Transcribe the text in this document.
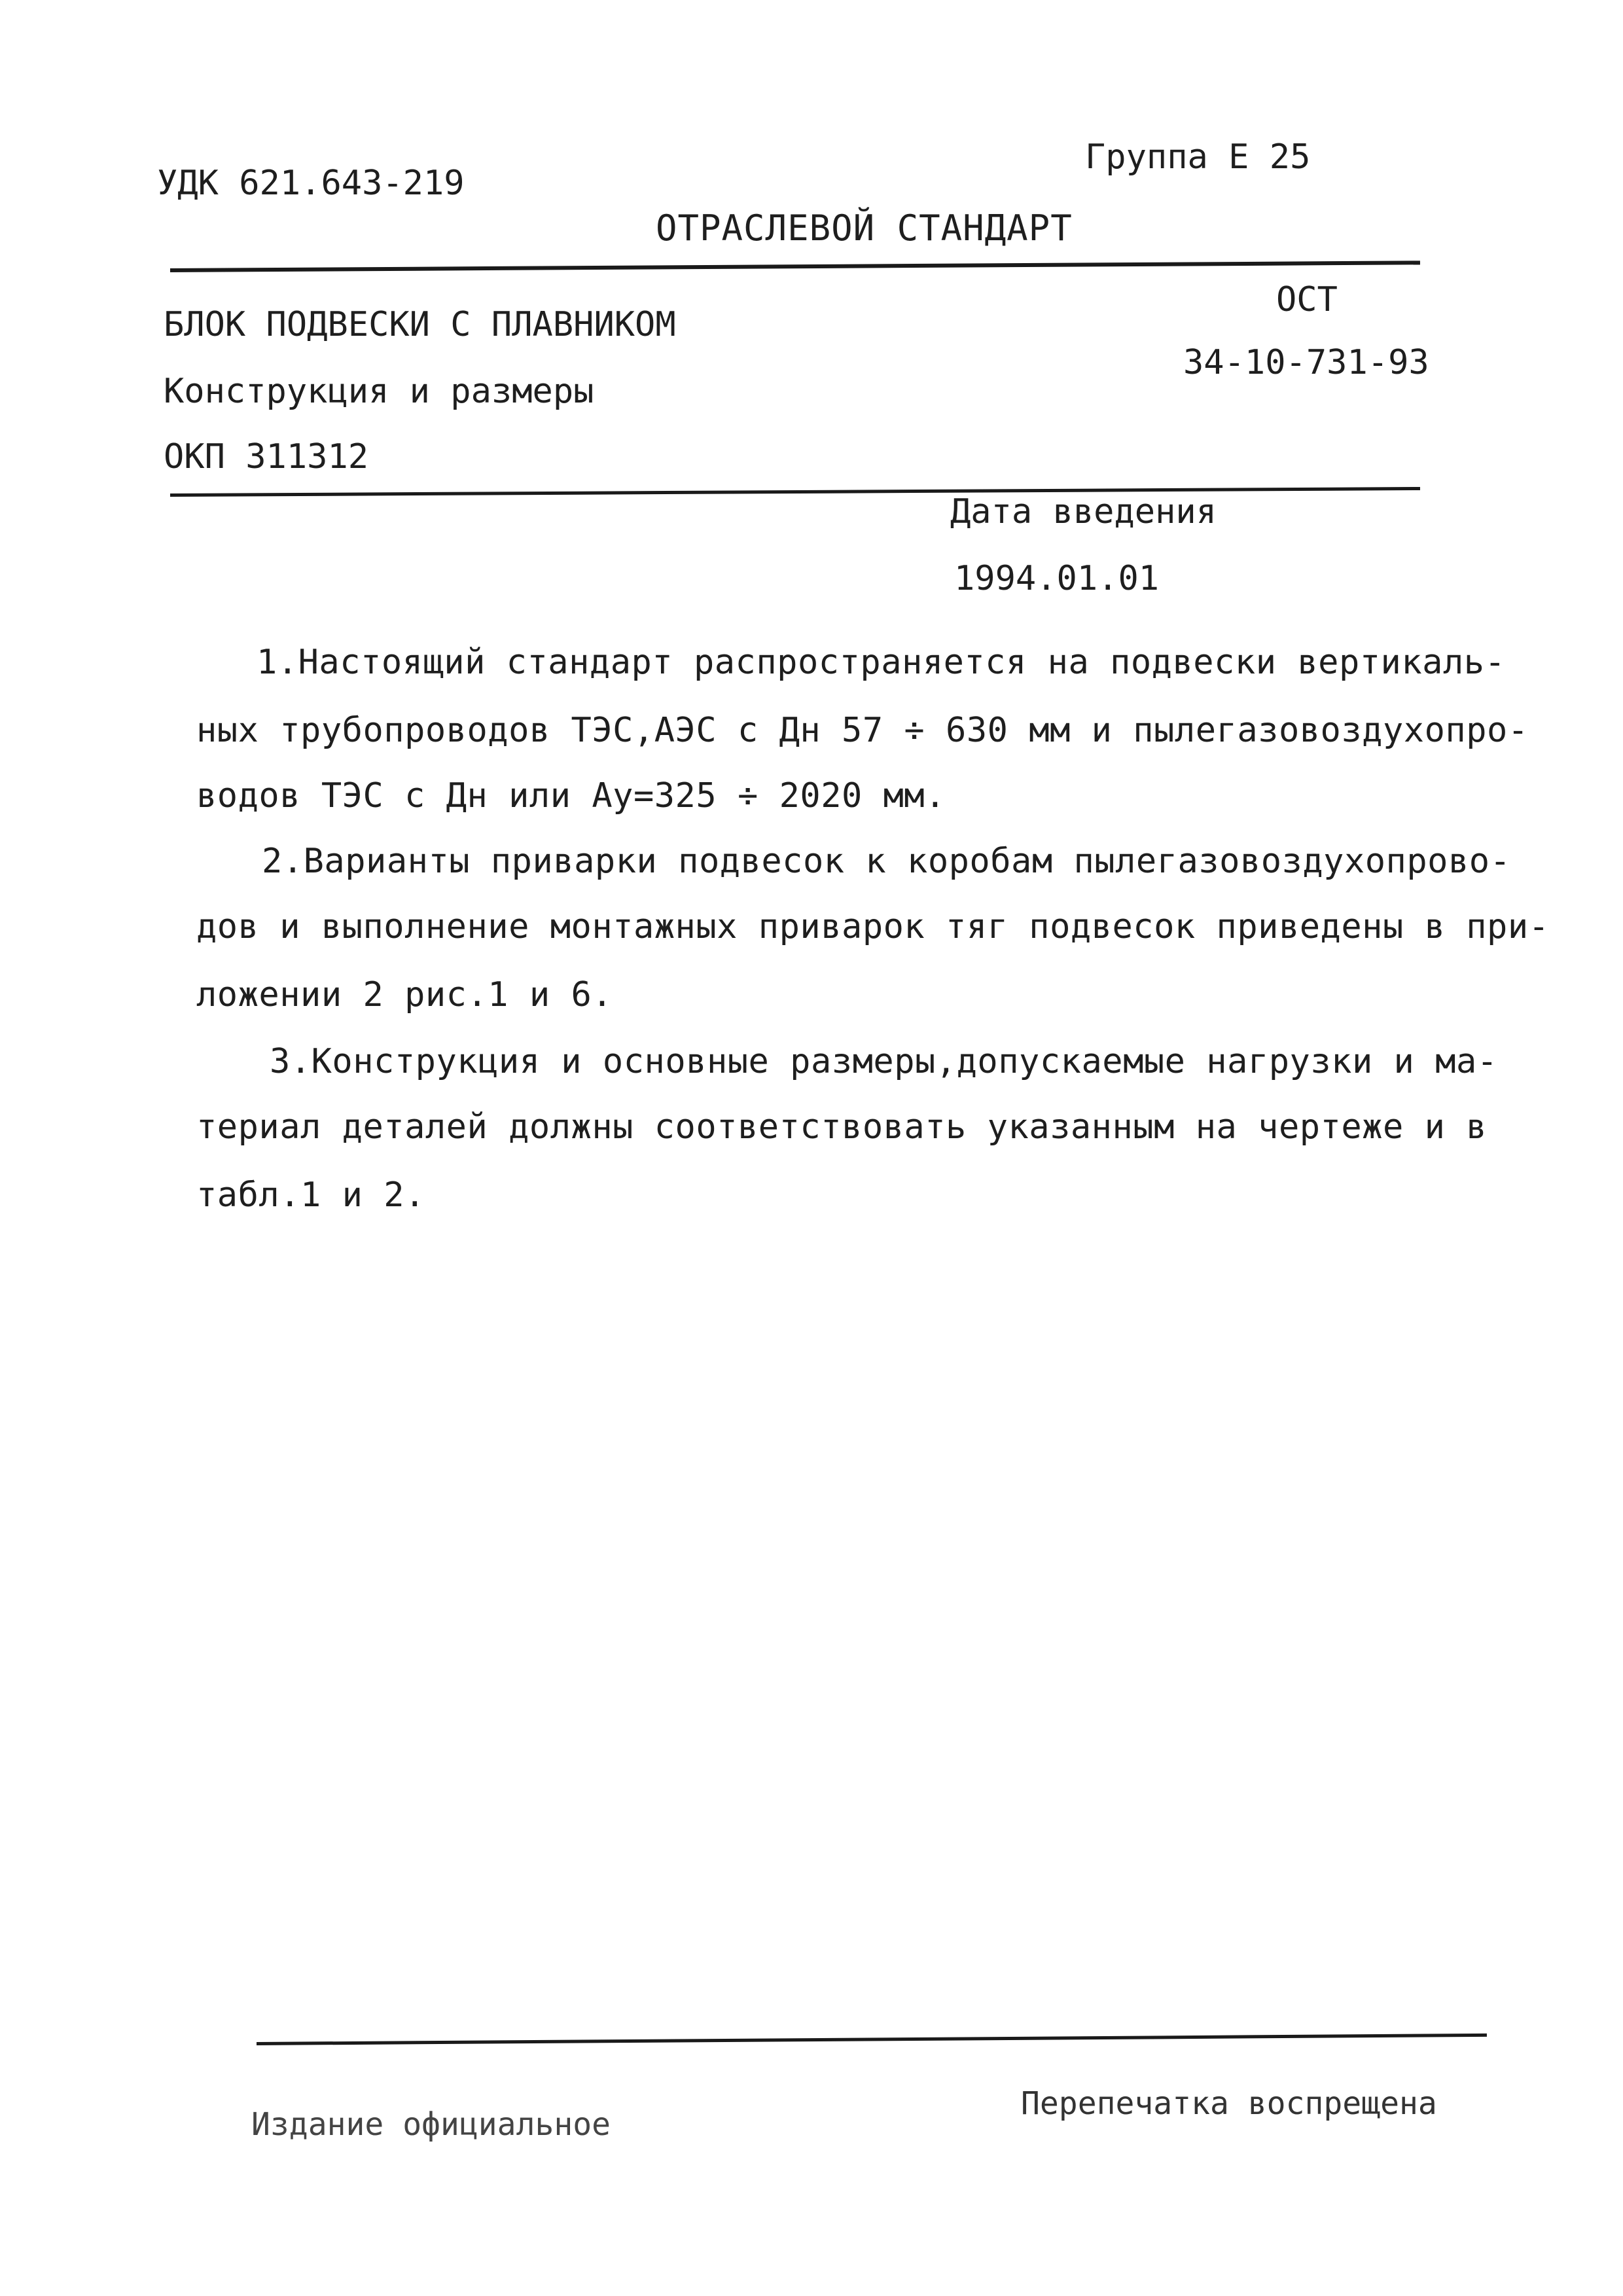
УДК 621.643-219
Группа Е 25
ОТРАСЛЕВОЙ СТАНДАРТ
БЛОК ПОДВЕСКИ С ПЛАВНИКОМ
Конструкция и размеры
ОКП 311312
ОСТ
34-10-731-93
Дата введения
1994.01.01
1.Настоящий стандарт распространяется на подвески вертикаль-
ных трубопроводов ТЭС,АЭС с Дн 57 ÷ 630 мм и пылегазовоздухопро-
водов ТЭС с Дн или Ау=325 ÷ 2020 мм.
2.Варианты приварки подвесок к коробам пылегазовоздухопрово-
дов и выполнение монтажных приварок тяг подвесок приведены в при-
ложении 2 рис.1 и 6.
3.Конструкция и основные размеры,допускаемые нагрузки и ма-
териал деталей должны соответствовать указанным на чертеже и в
табл.1 и 2.
Издание официальное
Перепечатка воспрещена
